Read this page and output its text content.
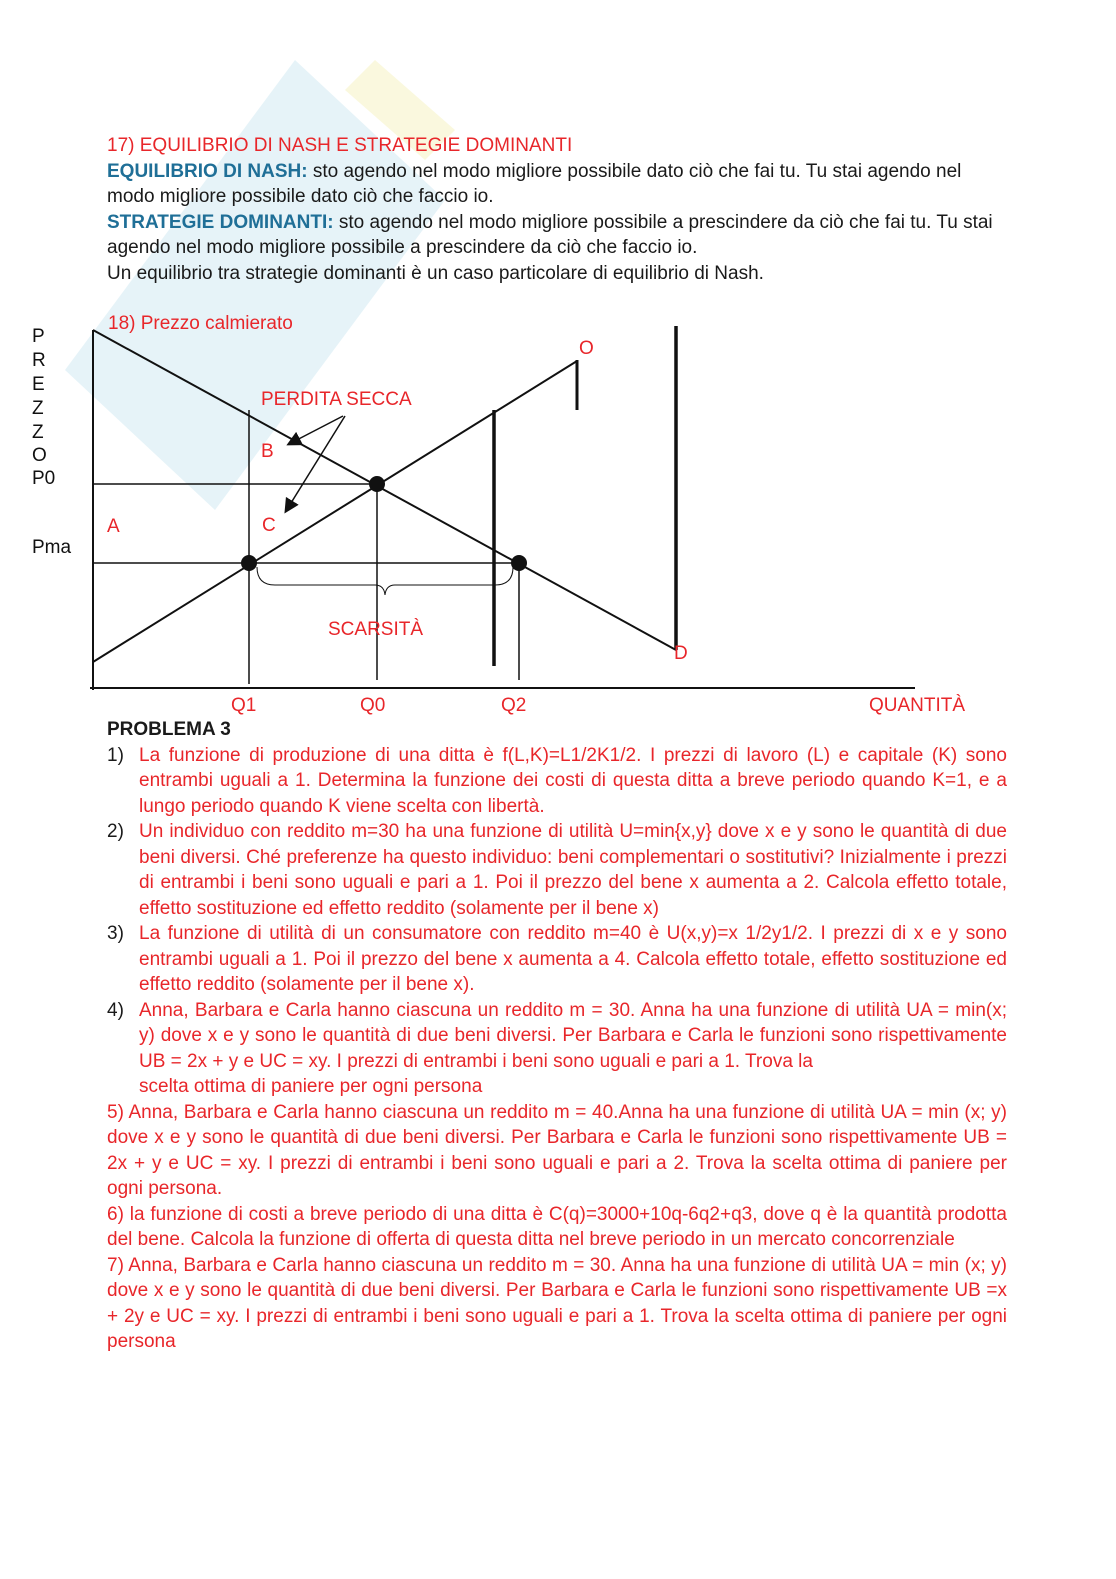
17) EQUILIBRIO DI NASH E STRATEGIE DOMINANTI

EQUILIBRIO DI NASH: sto agendo nel modo migliore possibile dato ciò che fai tu. Tu stai agendo nel modo migliore possibile dato ciò che faccio io.

STRATEGIE DOMINANTI: sto agendo nel modo migliore possibile a prescindere da ciò che fai tu. Tu stai agendo nel modo migliore possibile a prescindere da ciò che faccio io.

Un equilibrio tra strategie dominanti è un caso particolare di equilibrio di Nash.

18) Prezzo calmierato
P
R
E
Z
Z
O
P0
Pma
O
D
A
B
C
PERDITA SECCA
SCARSITÀ
Q1	Q0	Q2	QUANTITÀ

PROBLEMA 3

1) La funzione di produzione di una ditta è f(L,K)=L1/2K1/2. I prezzi di lavoro (L) e capitale (K) sono entrambi uguali a 1. Determina la funzione dei costi di questa ditta a breve periodo quando K=1, e a lungo periodo quando K viene scelta con libertà.
2) Un individuo con reddito m=30 ha una funzione di utilità U=min{x,y} dove x e y sono le quantità di due beni diversi. Ché preferenze ha questo individuo: beni complementari o sostitutivi? Inizialmente i prezzi di entrambi i beni sono uguali e pari a 1. Poi il prezzo del bene x aumenta a 2. Calcola effetto totale, effetto sostituzione ed effetto reddito (solamente per il bene x)
3) La funzione di utilità di un consumatore con reddito m=40 è U(x,y)=x 1/2y1/2. I prezzi di x e y sono entrambi uguali a 1. Poi il prezzo del bene x aumenta a 4. Calcola effetto totale, effetto sostituzione ed effetto reddito (solamente per il bene x).
4) Anna, Barbara e Carla hanno ciascuna un reddito m = 30. Anna ha una funzione di utilità UA = min(x; y) dove x e y sono le quantità di due beni diversi. Per Barbara e Carla le funzioni sono rispettivamente UB = 2x + y e UC = xy. I prezzi di entrambi i beni sono uguali e pari a 1. Trova la
scelta ottima di paniere per ogni persona

5) Anna, Barbara e Carla hanno ciascuna un reddito m = 40.Anna ha una funzione di utilità UA = min (x; y) dove x e y sono le quantità di due beni diversi. Per Barbara e Carla le funzioni sono rispettivamente UB = 2x + y e UC = xy. I prezzi di entrambi i beni sono uguali e pari a 2. Trova la scelta ottima di paniere per ogni persona.

6) la funzione di costi a breve periodo di una ditta è C(q)=3000+10q-6q2+q3, dove q è la quantità prodotta del bene. Calcola la funzione di offerta di questa ditta nel breve periodo in un mercato concorrenziale

7) Anna, Barbara e Carla hanno ciascuna un reddito m = 30. Anna ha una funzione di utilità UA = min (x; y) dove x e y sono le quantità di due beni diversi. Per Barbara e Carla le funzioni sono rispettivamente UB =x + 2y e UC = xy. I prezzi di entrambi i beni sono uguali e pari a 1. Trova la scelta ottima di paniere per ogni persona
